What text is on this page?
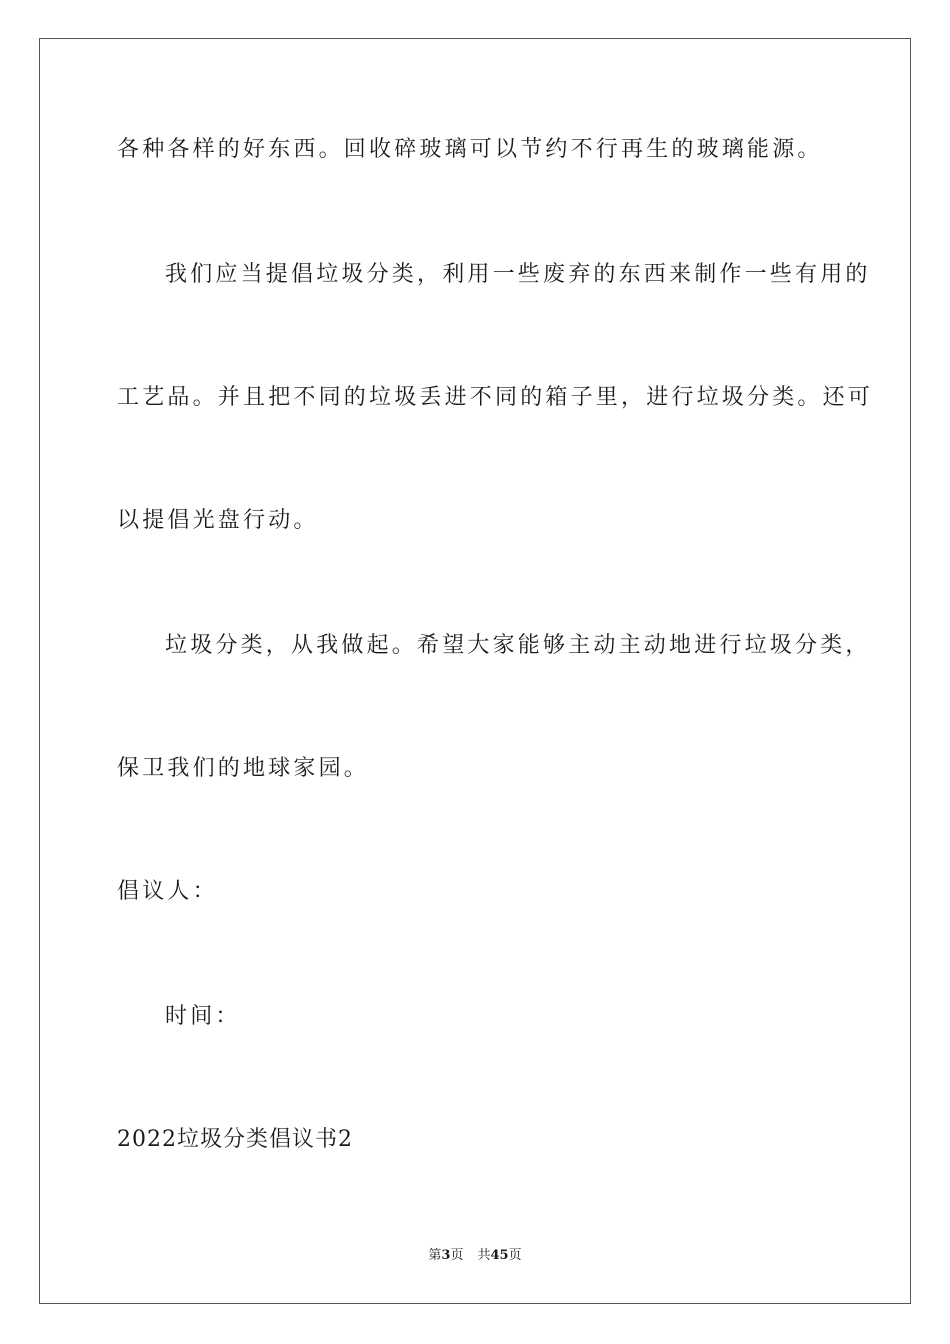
各种各样的好东西。回收碎玻璃可以节约不行再生的玻璃能源。
我们应当提倡垃圾分类，利用一些废弃的东西来制作一些有用的
工艺品。并且把不同的垃圾丢进不同的箱子里，进行垃圾分类。还可
以提倡光盘行动。
垃圾分类，从我做起。希望大家能够主动主动地进行垃圾分类，
保卫我们的地球家园。
倡议人：
时间：
2022垃圾分类倡议书2
第3页 共45页
